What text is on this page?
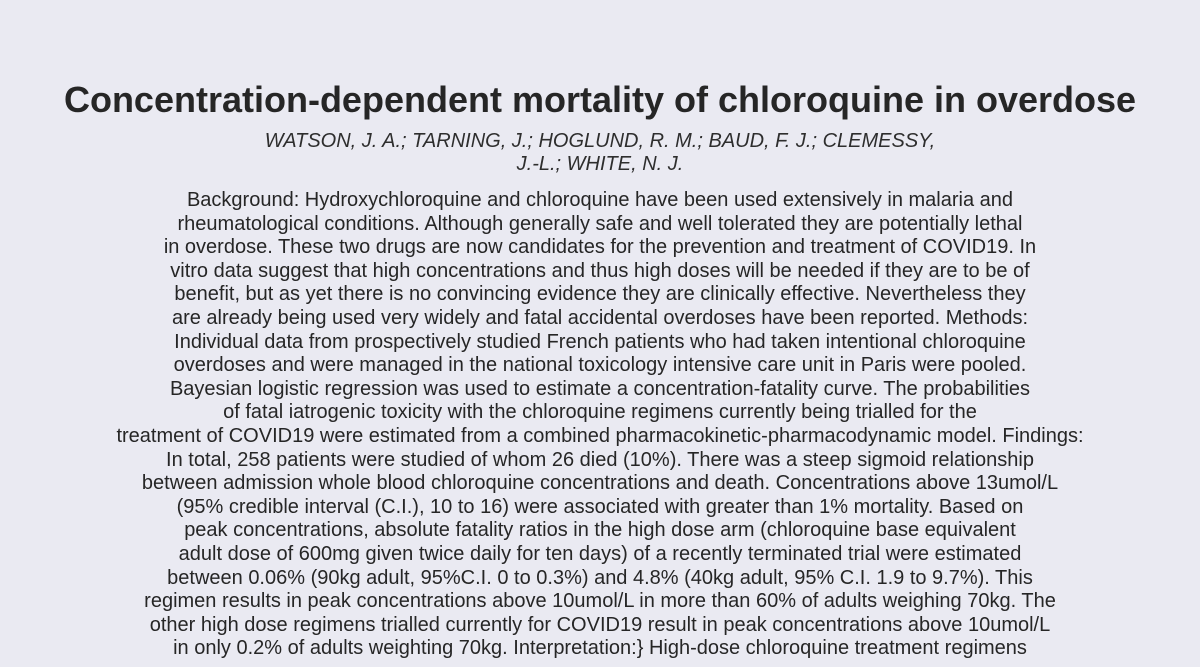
Concentration-dependent mortality of chloroquine in overdose
WATSON, J. A.; TARNING, J.; HOGLUND, R. M.; BAUD, F. J.; CLEMESSY,
J.-L.; WHITE, N. J.
Background: Hydroxychloroquine and chloroquine have been used extensively in malaria and
rheumatological conditions. Although generally safe and well tolerated they are potentially lethal
in overdose. These two drugs are now candidates for the prevention and treatment of COVID19. In
vitro data suggest that high concentrations and thus high doses will be needed if they are to be of
benefit, but as yet there is no convincing evidence they are clinically effective. Nevertheless they
are already being used very widely and fatal accidental overdoses have been reported. Methods:
Individual data from prospectively studied French patients who had taken intentional chloroquine
overdoses and were managed in the national toxicology intensive care unit in Paris were pooled.
Bayesian logistic regression was used to estimate a concentration-fatality curve. The probabilities
of fatal iatrogenic toxicity with the chloroquine regimens currently being trialled for the
treatment of COVID19 were estimated from a combined pharmacokinetic-pharmacodynamic model. Findings:
In total, 258 patients were studied of whom 26 died (10%). There was a steep sigmoid relationship
between admission whole blood chloroquine concentrations and death. Concentrations above 13umol/L
(95% credible interval (C.I.), 10 to 16) were associated with greater than 1% mortality. Based on
peak concentrations, absolute fatality ratios in the high dose arm (chloroquine base equivalent
adult dose of 600mg given twice daily for ten days) of a recently terminated trial were estimated
between 0.06% (90kg adult, 95%C.I. 0 to 0.3%) and 4.8% (40kg adult, 95% C.I. 1.9 to 9.7%). This
regimen results in peak concentrations above 10umol/L in more than 60% of adults weighing 70kg. The
other high dose regimens trialled currently for COVID19 result in peak concentrations above 10umol/L
in only 0.2% of adults weighting 70kg. Interpretation:} High-dose chloroquine treatment regimens
